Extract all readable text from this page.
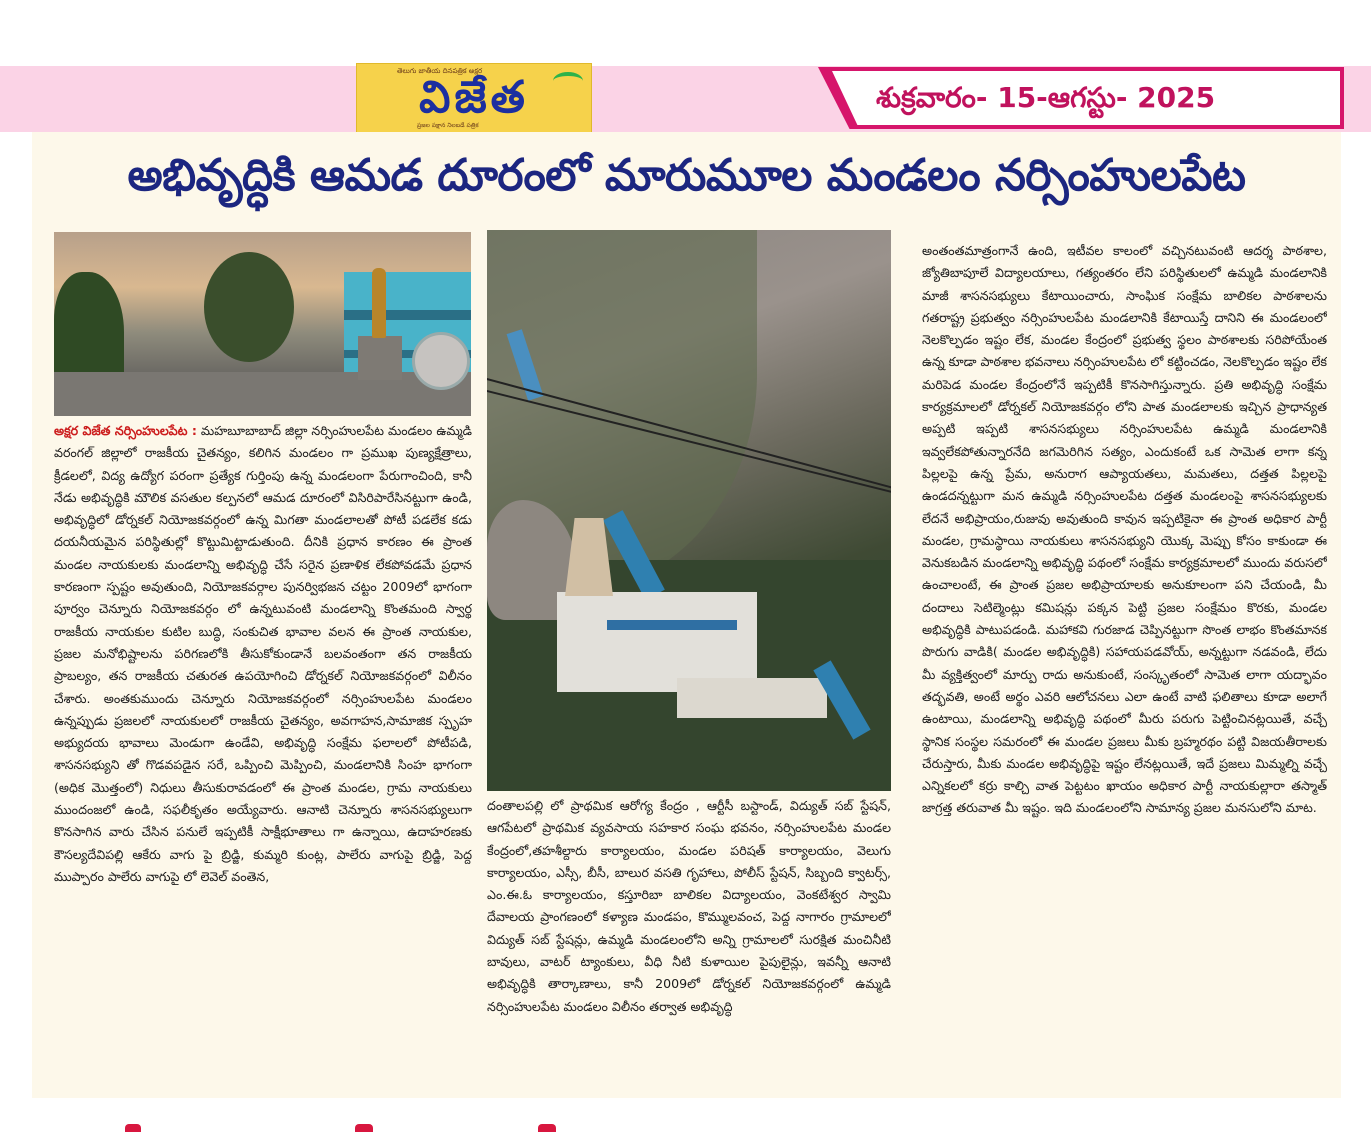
తెలుగు జాతీయ దినపత్రిక అక్షర
విజేత
ప్రజల పక్షాన నిలబడే పత్రిక
శుక్రవారం- 15-ఆగస్టు- 2025
అభివృద్ధికి ఆమడ దూరంలో మారుమూల మండలం నర్సింహులపేట
అక్షర విజేత నర్సింహులపేట : మహబూబాబాద్ జిల్లా నర్సింహులపేట మండలం ఉమ్మడి వరంగల్ జిల్లాలో రాజకీయ చైతన్యం, కలిగిన మండలం గా ప్రముఖ పుణ్యక్షేత్రాలు, క్రీడలలో, విద్య ఉద్యోగ పరంగా ప్రత్యేక గుర్తింపు ఉన్న మండలంగా పేరుగాంచింది, కానీ నేడు అభివృద్ధికి మౌలిక వసతుల కల్పనలో ఆమడ దూరంలో విసిరిపారేసినట్టుగా ఉండి, అభివృద్ధిలో డోర్నకల్ నియోజకవర్గంలో ఉన్న మిగతా మండలాలతో పోటీ పడలేక కడు దయనీయమైన పరిస్థితుల్లో కొట్టుమిట్టాడుతుంది. దీనికి ప్రధాన కారణం ఈ ప్రాంత మండల నాయకులకు మండలాన్ని అభివృద్ధి చేసే సరైన ప్రణాళిక లేకపోవడమే ప్రధాన కారణంగా స్పష్టం అవుతుంది, నియోజకవర్గాల పునర్విభజన చట్టం 2009లో భాగంగా పూర్వం చెన్నూరు నియోజకవర్గం లో ఉన్నటువంటి మండలాన్ని కొంతమంది స్వార్థ రాజకీయ నాయకుల కుటిల బుద్ధి, సంకుచిత భావాల వలన ఈ ప్రాంత నాయకుల, ప్రజల మనోభిష్టాలను పరిగణలోకి తీసుకోకుండానే బలవంతంగా తన రాజకీయ ప్రాబల్యం, తన రాజకీయ చతురత ఉపయోగించి డోర్నకల్ నియోజకవర్గంలో విలీనం చేశారు. అంతకుముందు చెన్నూరు నియోజకవర్గంలో నర్సింహులపేట మండలం ఉన్నప్పుడు ప్రజలలో నాయకులలో రాజకీయ చైతన్యం, అవగాహన,సామాజిక స్పృహ అభ్యుదయ భావాలు మెండుగా ఉండేవి, అభివృద్ధి సంక్షేమ ఫలాలలో పోటీపడి, శాసనసభ్యుని తో గొడవపడైన సరే, ఒప్పించి మెప్పించి, మండలానికి సింహ భాగంగా (అధిక మొత్తంలో) నిధులు తీసుకురావడంలో ఈ ప్రాంత మండల, గ్రామ నాయకులు ముందంజలో ఉండి, సఫలీకృతం అయ్యేవారు. ఆనాటి చెన్నూరు శాసనసభ్యులుగా కొనసాగిన వారు చేసిన పనులే ఇప్పటికీ సాక్షీభూతాలు గా ఉన్నాయి, ఉదాహరణకు కౌసల్యదేవిపల్లి ఆకేరు వాగు పై బ్రిడ్జి, కుమ్మరి కుంట్ల, పాలేరు వాగుపై బ్రిడ్జి, పెద్ద ముప్పారం పాలేరు వాగుపై లో లెవెల్ వంతెన,
దంతాలపల్లి లో ప్రాథమిక ఆరోగ్య కేంద్రం , ఆర్టీసీ బస్టాండ్, విద్యుత్ సబ్ స్టేషన్, ఆగపేటలో ప్రాథమిక వ్యవసాయ సహకార సంఘ భవనం, నర్సింహులపేట మండల కేంద్రంలో,తహశీల్దారు కార్యాలయం, మండల పరిషత్ కార్యాలయం, వెలుగు కార్యాలయం, ఎస్సీ, బీసీ, బాలుర వసతి గృహాలు, పోలీస్ స్టేషన్, సిబ్బంది క్వాటర్స్, ఎం.ఈ.ఓ కార్యాలయం, కస్తూరిబా బాలికల విద్యాలయం, వెంకటేశ్వర స్వామి దేవాలయ ప్రాంగణంలో కళ్యాణ మండపం, కొమ్ములవంచ, పెద్ద నాగారం గ్రామాలలో విద్యుత్ సబ్ స్టేషన్లు, ఉమ్మడి మండలంలోని అన్ని గ్రామాలలో సురక్షిత మంచినీటి బావులు, వాటర్ ట్యాంకులు, వీధి నీటి కుళాయిల పైపులైన్లు, ఇవన్నీ ఆనాటి అభివృద్ధికి తార్కాణాలు, కానీ 2009లో డోర్నకల్ నియోజకవర్గంలో ఉమ్మడి నర్సింహులపేట మండలం విలీనం తర్వాత అభివృద్ధి
అంతంతమాత్రంగానే ఉంది, ఇటీవల కాలంలో వచ్చినటువంటి ఆదర్శ పాఠశాల, జ్యోతిబాపూలే విద్యాలయాలు, గత్యంతరం లేని పరిస్థితులలో ఉమ్మడి మండలానికి మాజీ శాసనసభ్యులు కేటాయించారు, సాంఘిక సంక్షేమ బాలికల పాఠశాలను గతరాష్ట్ర ప్రభుత్వం నర్సింహులపేట మండలానికి కేటాయిస్తే దానిని ఈ మండలంలో నెలకొల్పడం ఇష్టం లేక, మండల కేంద్రంలో ప్రభుత్వ స్థలం పాఠశాలకు సరిపోయేంత ఉన్న కూడా పాఠశాల భవనాలు నర్సింహులపేట లో కట్టించడం, నెలకొల్పడం ఇష్టం లేక మరిపెడ మండల కేంద్రంలోనే ఇప్పటికీ కొనసాగిస్తున్నారు. ప్రతి అభివృద్ధి సంక్షేమ కార్యక్రమాలలో డోర్నకల్ నియోజకవర్గం లోని పాత మండలాలకు ఇచ్చిన ప్రాధాన్యత అప్పటి ఇప్పటి శాసనసభ్యులు నర్సింహులపేట ఉమ్మడి మండలానికి ఇవ్వలేకపోతున్నారనేది జగమెరిగిన సత్యం, ఎందుకంటే ఒక సామెత లాగా కన్న పిల్లలపై ఉన్న ప్రేమ, అనురాగ ఆప్యాయతలు, మమతలు, దత్తత పిల్లలపై ఉండదన్నట్టుగా మన ఉమ్మడి నర్సింహులపేట దత్తత మండలంపై శాసనసభ్యులకు లేదనే అభిప్రాయం,రుజువు అవుతుంది కావున ఇప్పటికైనా ఈ ప్రాంత అధికార పార్టీ మండల, గ్రామస్థాయి నాయకులు శాసనసభ్యుని యొక్క మెప్పు కోసం కాకుండా ఈ వెనుకబడిన మండలాన్ని అభివృద్ధి పథంలో సంక్షేమ కార్యక్రమాలలో ముందు వరుసలో ఉంచాలంటే, ఈ ప్రాంత ప్రజల అభిప్రాయాలకు అనుకూలంగా పని చేయండి, మీ దందాలు సెటిల్మెంట్లు కమిషన్లు పక్కన పెట్టి ప్రజల సంక్షేమం కొరకు, మండల అభివృద్ధికి పాటుపడండి. మహాకవి గురజాడ చెప్పినట్టుగా సొంత లాభం కొంతమానక పొరుగు వాడికి( మండల అభివృద్ధికి) సహాయపడవోయ్, అన్నట్టుగా నడవండి, లేదు మీ వ్యక్తిత్వంలో మార్పు రాదు అనుకుంటే, సంస్కృతంలో సామెత లాగా యద్భావం తద్భవతి, అంటే అర్థం ఎవరి ఆలోచనలు ఎలా ఉంటే వాటి ఫలితాలు కూడా అలాగే ఉంటాయి, మండలాన్ని అభివృద్ధి పథంలో మీరు పరుగు పెట్టించినట్లయితే, వచ్చే స్థానిక సంస్థల సమరంలో ఈ మండల ప్రజలు మీకు బ్రహ్మరథం పట్టి విజయతీరాలకు చేరుస్తారు, మీకు మండల అభివృద్ధిపై ఇష్టం లేనట్లయితే, ఇదే ప్రజలు మిమ్మల్ని వచ్చే ఎన్నికలలో కర్రు కాల్చి వాత పెట్టటం ఖాయం అధికార పార్టీ నాయకుల్లారా తస్మాత్ జాగ్రత్త తరువాత మీ ఇష్టం. ఇది మండలంలోని సామాన్య ప్రజల మనసులోని మాట.
